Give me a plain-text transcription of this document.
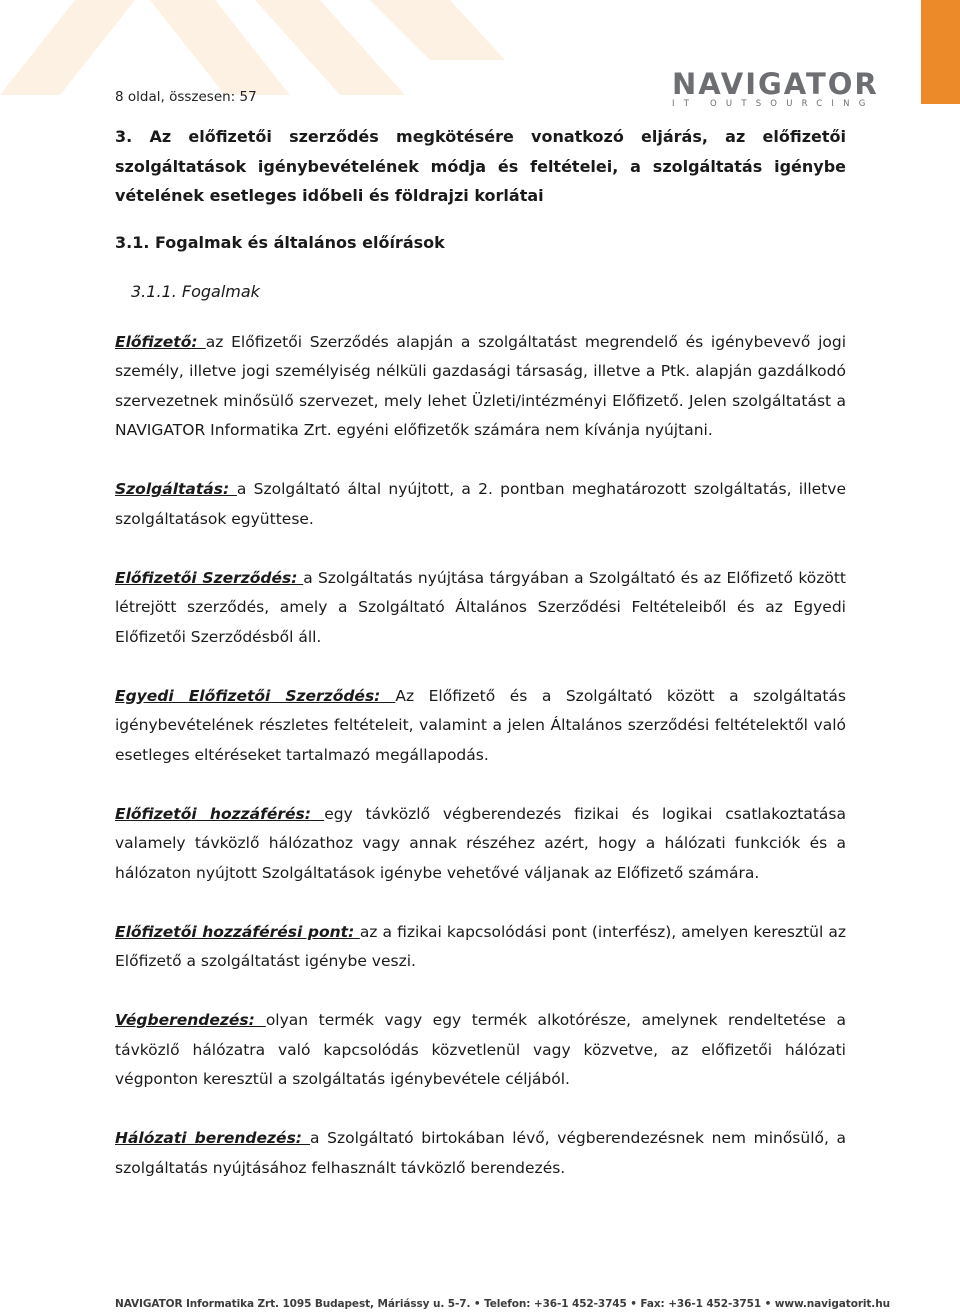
8 oldal, összesen: 57	NAVIGATOR
IT OUTSOURCING

3. Az előfizetői szerződés megkötésére vonatkozó eljárás, az előfizetői szolgáltatások igénybevételének módja és feltételei, a szolgáltatás igénybe vételének esetleges időbeli és földrajzi korlátai

3.1. Fogalmak és általános előírások

3.1.1. Fogalmak

Előfizető: az Előfizetői Szerződés alapján a szolgáltatást megrendelő és igénybevevő jogi személy, illetve jogi személyiség nélküli gazdasági társaság, illetve a Ptk. alapján gazdálkodó szervezetnek minősülő szervezet, mely lehet Üzleti/intézményi Előfizető. Jelen szolgáltatást a NAVIGATOR Informatika Zrt. egyéni előfizetők számára nem kívánja nyújtani.

Szolgáltatás: a Szolgáltató által nyújtott, a 2. pontban meghatározott szolgáltatás, illetve szolgáltatások együttese.

Előfizetői Szerződés: a Szolgáltatás nyújtása tárgyában a Szolgáltató és az Előfizető között létrejött szerződés, amely a Szolgáltató Általános Szerződési Feltételeiből és az Egyedi Előfizetői Szerződésből áll.

Egyedi Előfizetői Szerződés: Az Előfizető és a Szolgáltató között a szolgáltatás igénybevételének részletes feltételeit, valamint a jelen Általános szerződési feltételektől való esetleges eltéréseket tartalmazó megállapodás.

Előfizetői hozzáférés: egy távközlő végberendezés fizikai és logikai csatlakoztatása valamely távközlő hálózathoz vagy annak részéhez azért, hogy a hálózati funkciók és a hálózaton nyújtott Szolgáltatások igénybe vehetővé váljanak az Előfizető számára.

Előfizetői hozzáférési pont: az a fizikai kapcsolódási pont (interfész), amelyen keresztül az Előfizető a szolgáltatást igénybe veszi.

Végberendezés: olyan termék vagy egy termék alkotórésze, amelynek rendeltetése a távközlő hálózatra való kapcsolódás közvetlenül vagy közvetve, az előfizetői hálózati végponton keresztül a szolgáltatás igénybevétele céljából.

Hálózati berendezés: a Szolgáltató birtokában lévő, végberendezésnek nem minősülő, a szolgáltatás nyújtásához felhasznált távközlő berendezés.

NAVIGATOR Informatika Zrt. 1095 Budapest, Máriássy u. 5-7. • Telefon: +36-1 452-3745 • Fax: +36-1 452-3751 • www.navigatorit.hu
